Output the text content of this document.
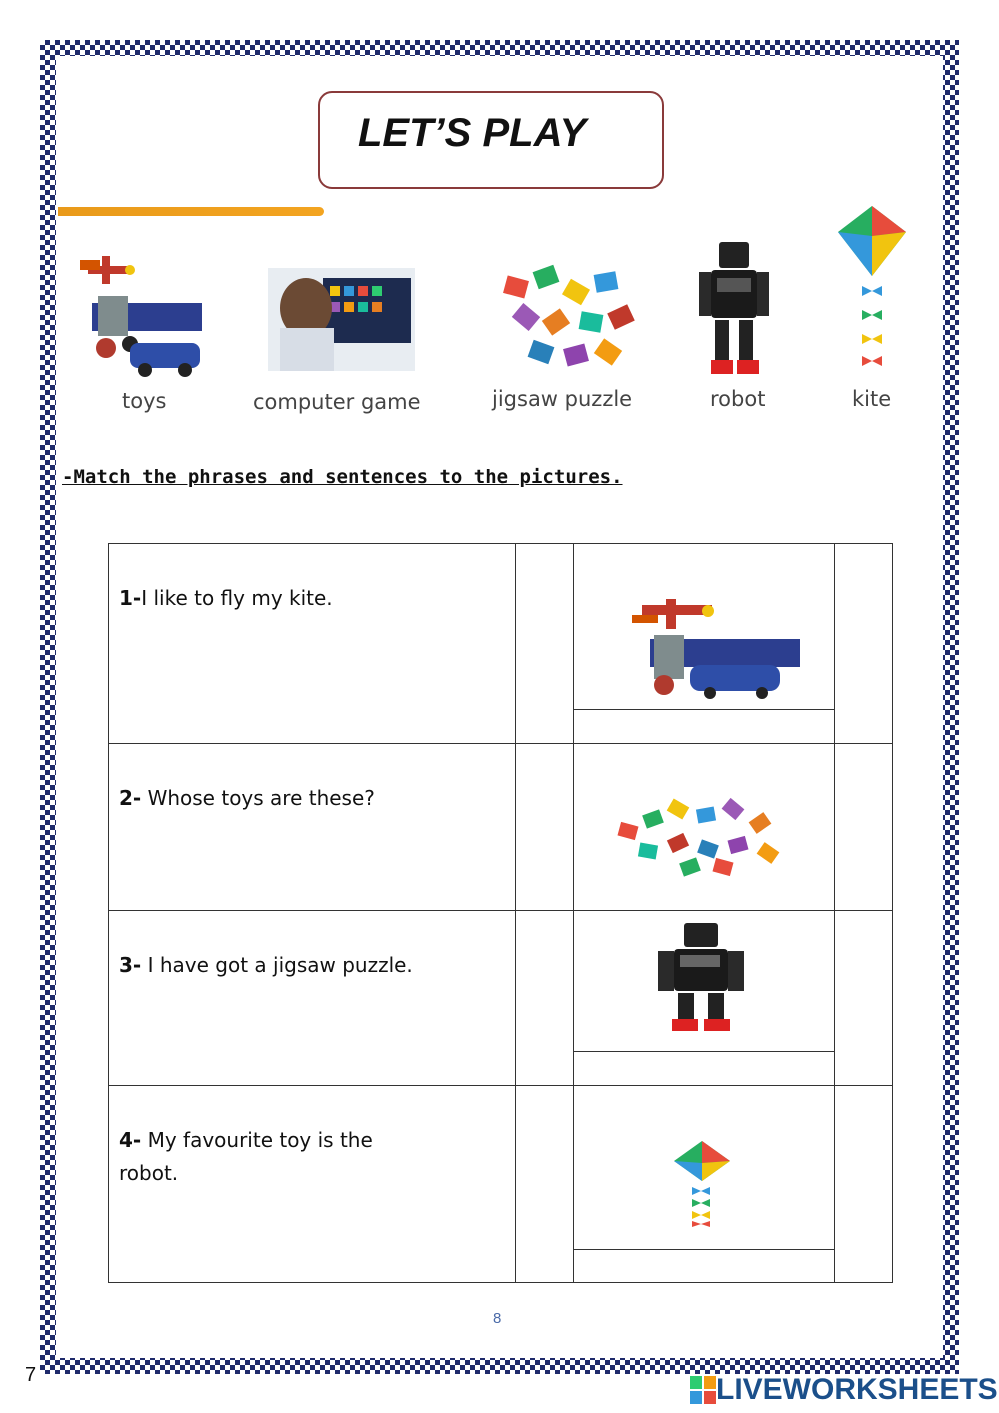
LET’S PLAY
toys	computer game	jigsaw puzzle	robot	kite
-Match the phrases and sentences to the pictures.
1-I like to fly my kite.

2- Whose toys are these?

3- I have got a jigsaw puzzle.

4- My favourite toy is the robot.

8
7	LIVEWORKSHEETS
